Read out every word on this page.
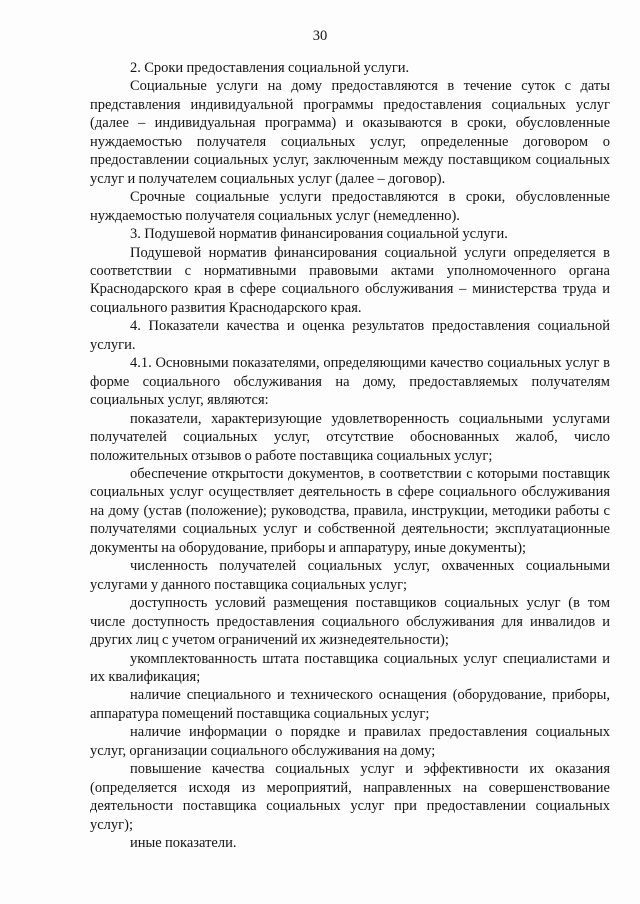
30

2. Сроки предоставления социальной услуги.

Социальные услуги на дому предоставляются в течение суток с даты представления индивидуальной программы предоставления социальных услуг (далее – индивидуальная программа) и оказываются в сроки, обусловленные нуждаемостью получателя социальных услуг, определенные договором о предоставлении социальных услуг, заключенным между поставщиком социальных услуг и получателем социальных услуг (далее – договор).

Срочные социальные услуги предоставляются в сроки, обусловленные нуждаемостью получателя социальных услуг (немедленно).

3. Подушевой норматив финансирования социальной услуги.

Подушевой норматив финансирования социальной услуги определяется в соответствии с нормативными правовыми актами уполномоченного органа Краснодарского края в сфере социального обслуживания – министерства труда и социального развития Краснодарского края.

4. Показатели качества и оценка результатов предоставления социальной услуги.

4.1. Основными показателями, определяющими качество социальных услуг в форме социального обслуживания на дому, предоставляемых получателям социальных услуг, являются:

показатели, характеризующие удовлетворенность социальными услугами получателей социальных услуг, отсутствие обоснованных жалоб, число положительных отзывов о работе поставщика социальных услуг;

обеспечение открытости документов, в соответствии с которыми поставщик социальных услуг осуществляет деятельность в сфере социального обслуживания на дому (устав (положение); руководства, правила, инструкции, методики работы с получателями социальных услуг и собственной деятельности; эксплуатационные документы на оборудование, приборы и аппаратуру, иные документы);

численность получателей социальных услуг, охваченных социальными услугами у данного поставщика социальных услуг;

доступность условий размещения поставщиков социальных услуг (в том числе доступность предоставления социального обслуживания для инвалидов и других лиц с учетом ограничений их жизнедеятельности);

укомплектованность штата поставщика социальных услуг специалистами и их квалификация;

наличие специального и технического оснащения (оборудование, приборы, аппаратура помещений поставщика социальных услуг;

наличие информации о порядке и правилах предоставления социальных услуг, организации социального обслуживания на дому;

повышение качества социальных услуг и эффективности их оказания (определяется исходя из мероприятий, направленных на совершенствование деятельности поставщика социальных услуг при предоставлении социальных услуг);

иные показатели.
